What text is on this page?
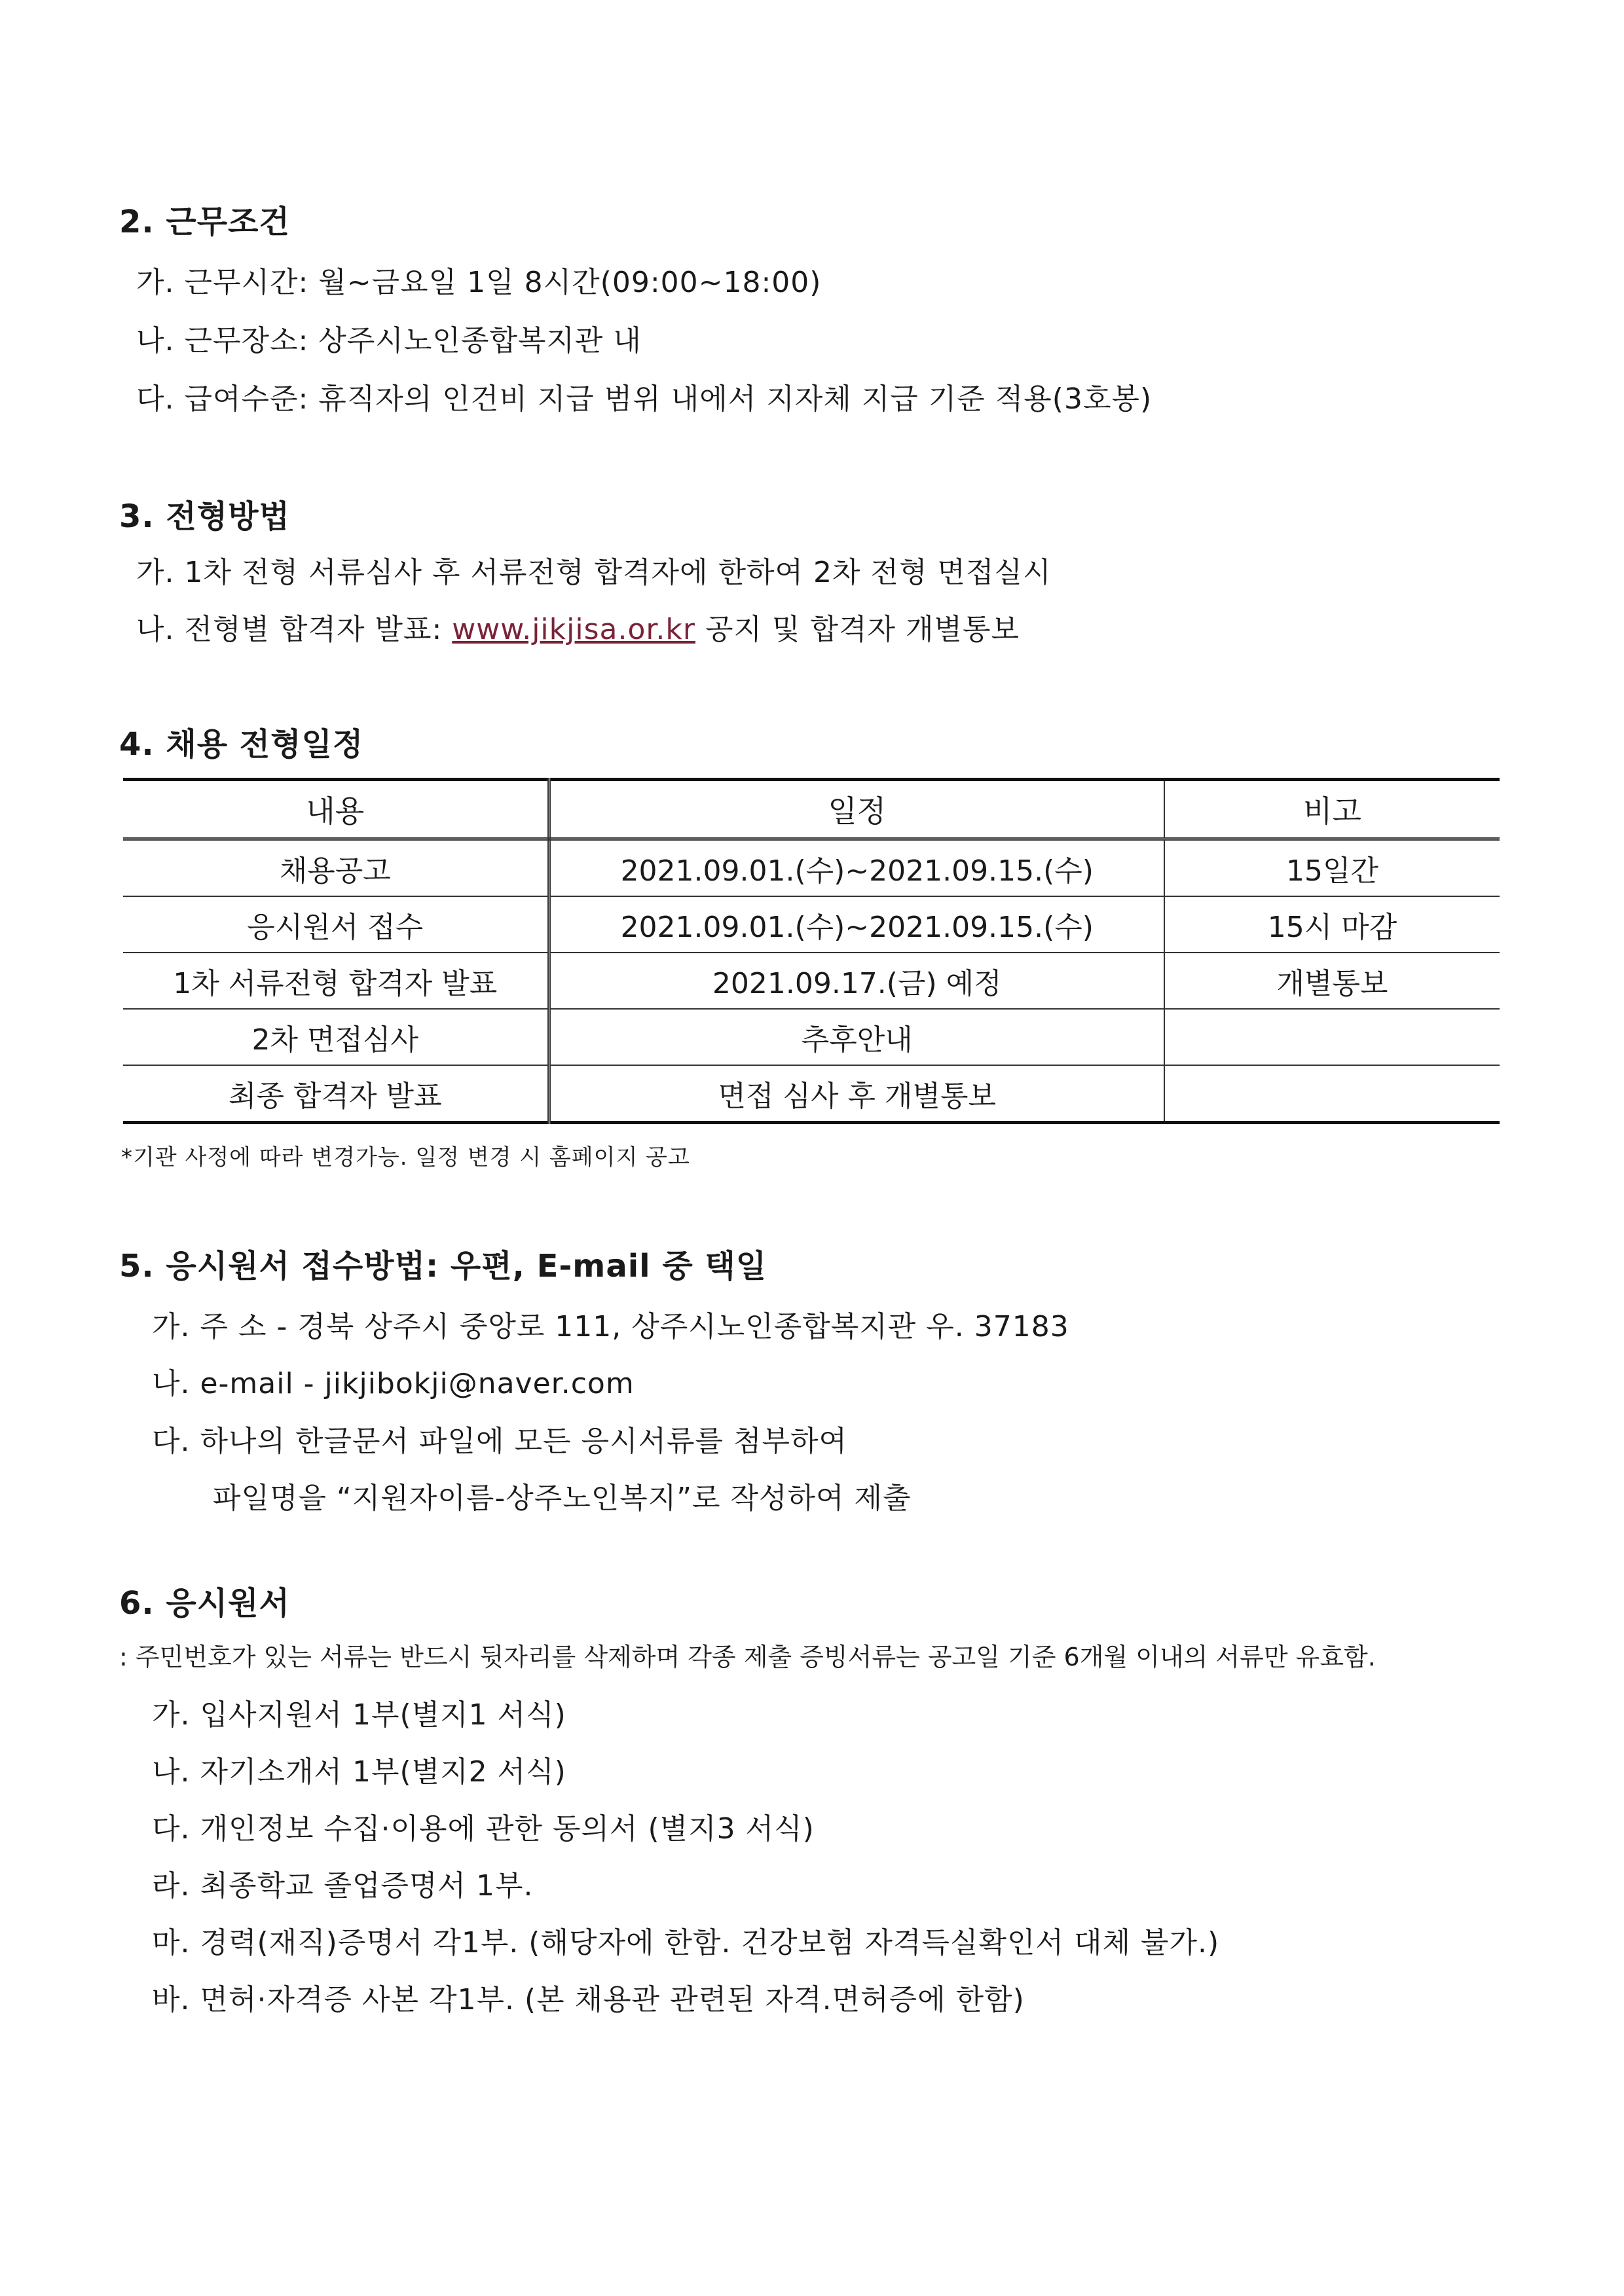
2. 근무조건
가. 근무시간: 월~금요일 1일 8시간(09:00~18:00)
나. 근무장소: 상주시노인종합복지관 내
다. 급여수준: 휴직자의 인건비 지급 범위 내에서 지자체 지급 기준 적용(3호봉)
3. 전형방법
가. 1차 전형 서류심사 후 서류전형 합격자에 한하여 2차 전형 면접실시
나. 전형별 합격자 발표: www.jikjisa.or.kr 공지 및 합격자 개별통보
4. 채용 전형일정
내용	일정	비고
채용공고	2021.09.01.(수)~2021.09.15.(수)	15일간
응시원서 접수	2021.09.01.(수)~2021.09.15.(수)	15시 마감
1차 서류전형 합격자 발표	2021.09.17.(금) 예정	개별통보
2차 면접심사	추후안내	
최종 합격자 발표	면접 심사 후 개별통보	
*기관 사정에 따라 변경가능. 일정 변경 시 홈페이지 공고
5. 응시원서 접수방법: 우편, E-mail 중 택일
가. 주 소 - 경북 상주시 중앙로 111, 상주시노인종합복지관 우. 37183
나. e-mail - jikjibokji@naver.com
다. 하나의 한글문서 파일에 모든 응시서류를 첨부하여
파일명을 “지원자이름-상주노인복지”로 작성하여 제출
6. 응시원서
: 주민번호가 있는 서류는 반드시 뒷자리를 삭제하며 각종 제출 증빙서류는 공고일 기준 6개월 이내의 서류만 유효함.
가. 입사지원서 1부(별지1 서식)
나. 자기소개서 1부(별지2 서식)
다. 개인정보 수집·이용에 관한 동의서 (별지3 서식)
라. 최종학교 졸업증명서 1부.
마. 경력(재직)증명서 각1부. (해당자에 한함. 건강보험 자격득실확인서 대체 불가.)
바. 면허·자격증 사본 각1부. (본 채용관 관련된 자격.면허증에 한함)
